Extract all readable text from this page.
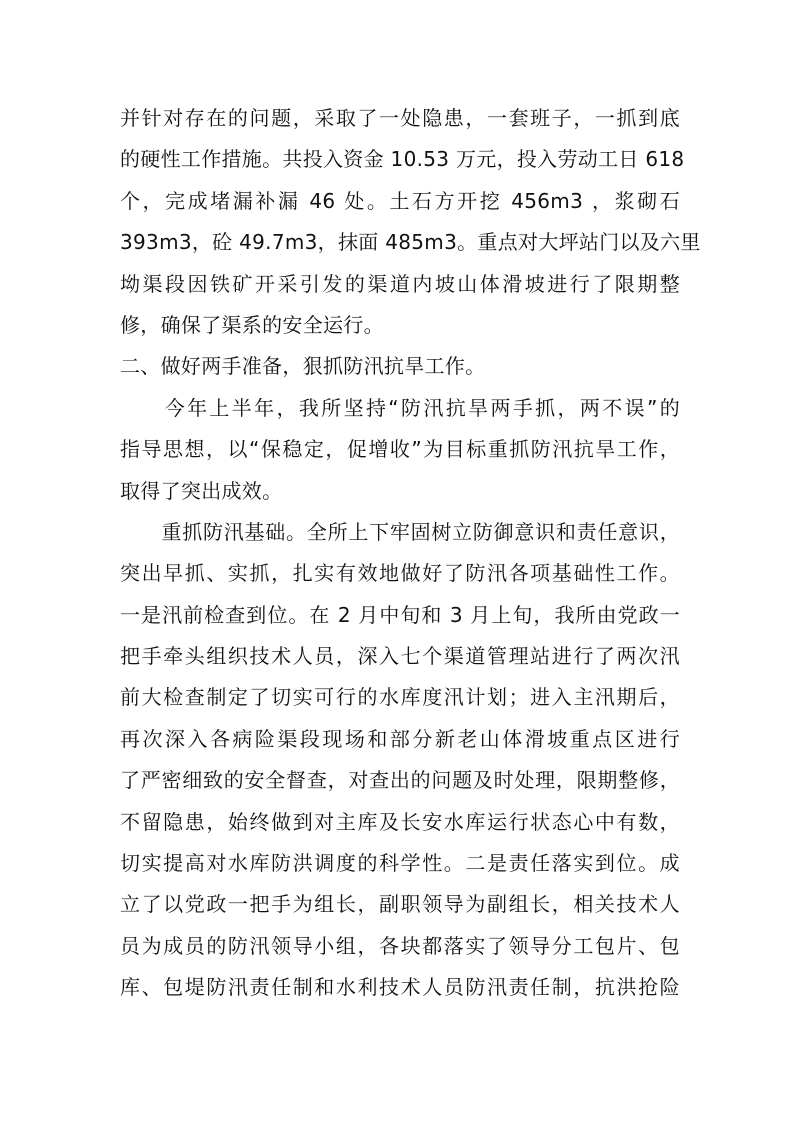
并针对存在的问题，采取了一处隐患，一套班子，一抓到底
的硬性工作措施。共投入资金 10.53 万元，投入劳动工日 618
个，完成堵漏补漏 46 处。土石方开挖 456m3 ，浆砌石
393m3，砼 49.7m3，抹面 485m3。重点对大坪站门以及六里
坳渠段因铁矿开采引发的渠道内坡山体滑坡进行了限期整
修，确保了渠系的安全运行。
二、做好两手准备，狠抓防汛抗旱工作。
　　今年上半年，我所坚持“防汛抗旱两手抓，两不误”的
指导思想，以“保稳定，促增收”为目标重抓防汛抗旱工作，
取得了突出成效。
　　重抓防汛基础。全所上下牢固树立防御意识和责任意识，
突出早抓、实抓，扎实有效地做好了防汛各项基础性工作。
一是汛前检查到位。在 2 月中旬和 3 月上旬，我所由党政一
把手牵头组织技术人员，深入七个渠道管理站进行了两次汛
前大检查制定了切实可行的水库度汛计划；进入主汛期后，
再次深入各病险渠段现场和部分新老山体滑坡重点区进行
了严密细致的安全督查，对查出的问题及时处理，限期整修，
不留隐患，始终做到对主库及长安水库运行状态心中有数，
切实提高对水库防洪调度的科学性。二是责任落实到位。成
立了以党政一把手为组长，副职领导为副组长，相关技术人
员为成员的防汛领导小组，各块都落实了领导分工包片、包
库、包堤防汛责任制和水利技术人员防汛责任制，抗洪抢险
